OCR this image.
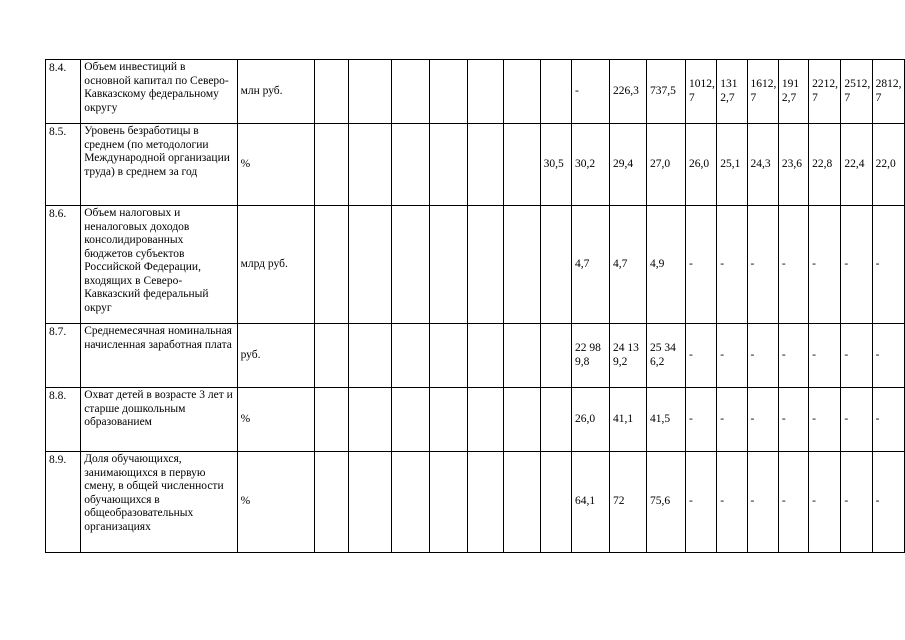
8.4.	Объем инвестиций в основной капитал по Северо-Кавказскому федеральному округу	млн руб.								-	226,3	737,5	1012,7	1312,7	1612,7	1912,7	2212,7	2512,7	2812,7
8.5.	Уровень безработицы в среднем (по методологии Международной организации труда) в среднем за год	%							30,5	30,2	29,4	27,0	26,0	25,1	24,3	23,6	22,8	22,4	22,0
8.6.	Объем налоговых и неналоговых доходов консолидированных бюджетов субъектов Российской Федерации, входящих в Северо-Кавказский федеральный округ	млрд руб.								4,7	4,7	4,9	-	-	-	-	-	-	-
8.7.	Среднемесячная номинальная начисленная заработная плата	руб.								22 989,8	24 139,2	25 346,2	-	-	-	-	-	-	-
8.8.	Охват детей в возрасте 3 лет и старше дошкольным образованием	%								26,0	41,1	41,5	-	-	-	-	-	-	-
8.9.	Доля обучающихся, занимающихся в первую смену, в общей численности обучающихся в общеобразовательных организациях	%								64,1	72	75,6	-	-	-	-	-	-	-
